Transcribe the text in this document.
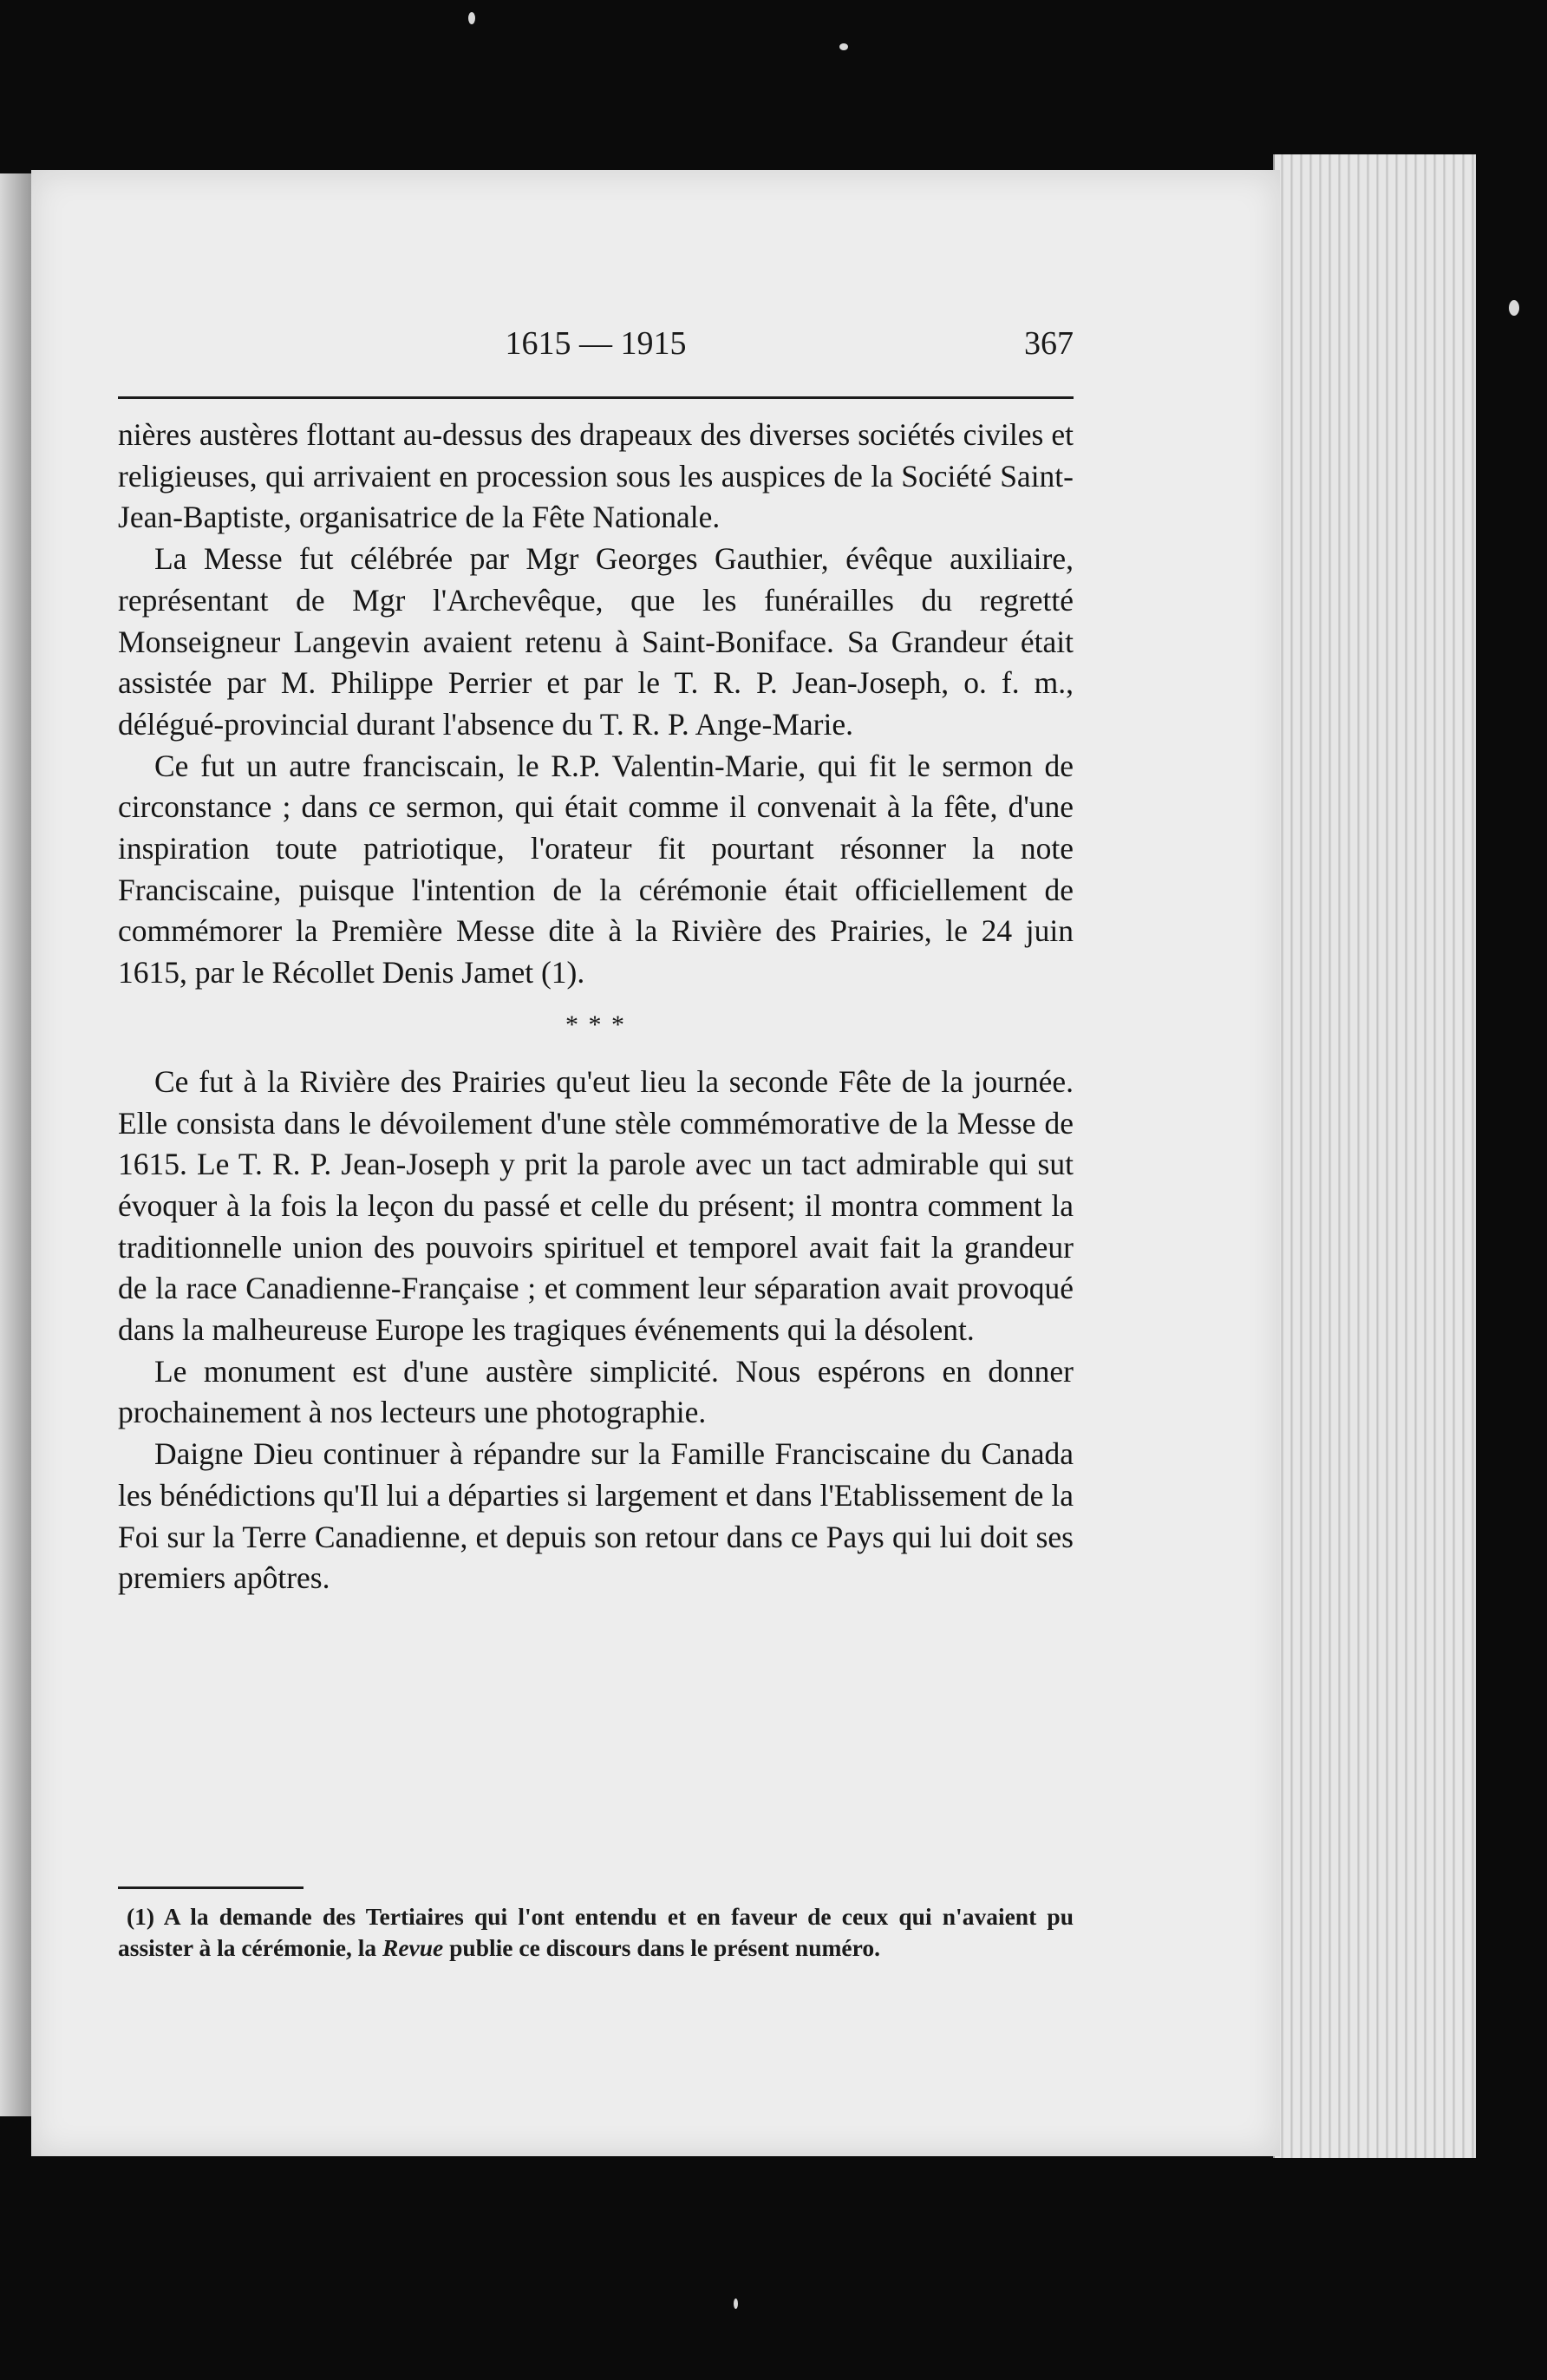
1615 — 1915	367

nières austères flottant au-dessus des drapeaux des diverses sociétés civiles et religieuses, qui arrivaient en procession sous les auspices de la Société Saint-Jean-Baptiste, organisatrice de la Fête Nationale.

La Messe fut célébrée par Mgr Georges Gauthier, évêque auxiliaire, représentant de Mgr l'Archevêque, que les funérailles du regretté Monseigneur Langevin avaient retenu à Saint-Boniface. Sa Grandeur était assistée par M. Philippe Perrier et par le T. R. P. Jean-Joseph, o. f. m., délégué-provincial durant l'absence du T. R. P. Ange-Marie.

Ce fut un autre franciscain, le R.P. Valentin-Marie, qui fit le sermon de circonstance ; dans ce sermon, qui était comme il convenait à la fête, d'une inspiration toute patriotique, l'orateur fit pourtant résonner la note Franciscaine, puisque l'intention de la cérémonie était officiellement de commémorer la Première Messe dite à la Rivière des Prairies, le 24 juin 1615, par le Récollet Denis Jamet (1).

* * *

Ce fut à la Rivière des Prairies qu'eut lieu la seconde Fête de la journée. Elle consista dans le dévoilement d'une stèle commémorative de la Messe de 1615. Le T. R. P. Jean-Joseph y prit la parole avec un tact admirable qui sut évoquer à la fois la leçon du passé et celle du présent; il montra comment la traditionnelle union des pouvoirs spirituel et temporel avait fait la grandeur de la race Canadienne-Française ; et comment leur séparation avait provoqué dans la malheureuse Europe les tragiques événements qui la désolent.

Le monument est d'une austère simplicité. Nous espérons en donner prochainement à nos lecteurs une photographie.

Daigne Dieu continuer à répandre sur la Famille Franciscaine du Canada les bénédictions qu'Il lui a départies si largement et dans l'Etablissement de la Foi sur la Terre Canadienne, et depuis son retour dans ce Pays qui lui doit ses premiers apôtres.

(1) A la demande des Tertiaires qui l'ont entendu et en faveur de ceux qui n'avaient pu assister à la cérémonie, la Revue publie ce discours dans le présent numéro.
